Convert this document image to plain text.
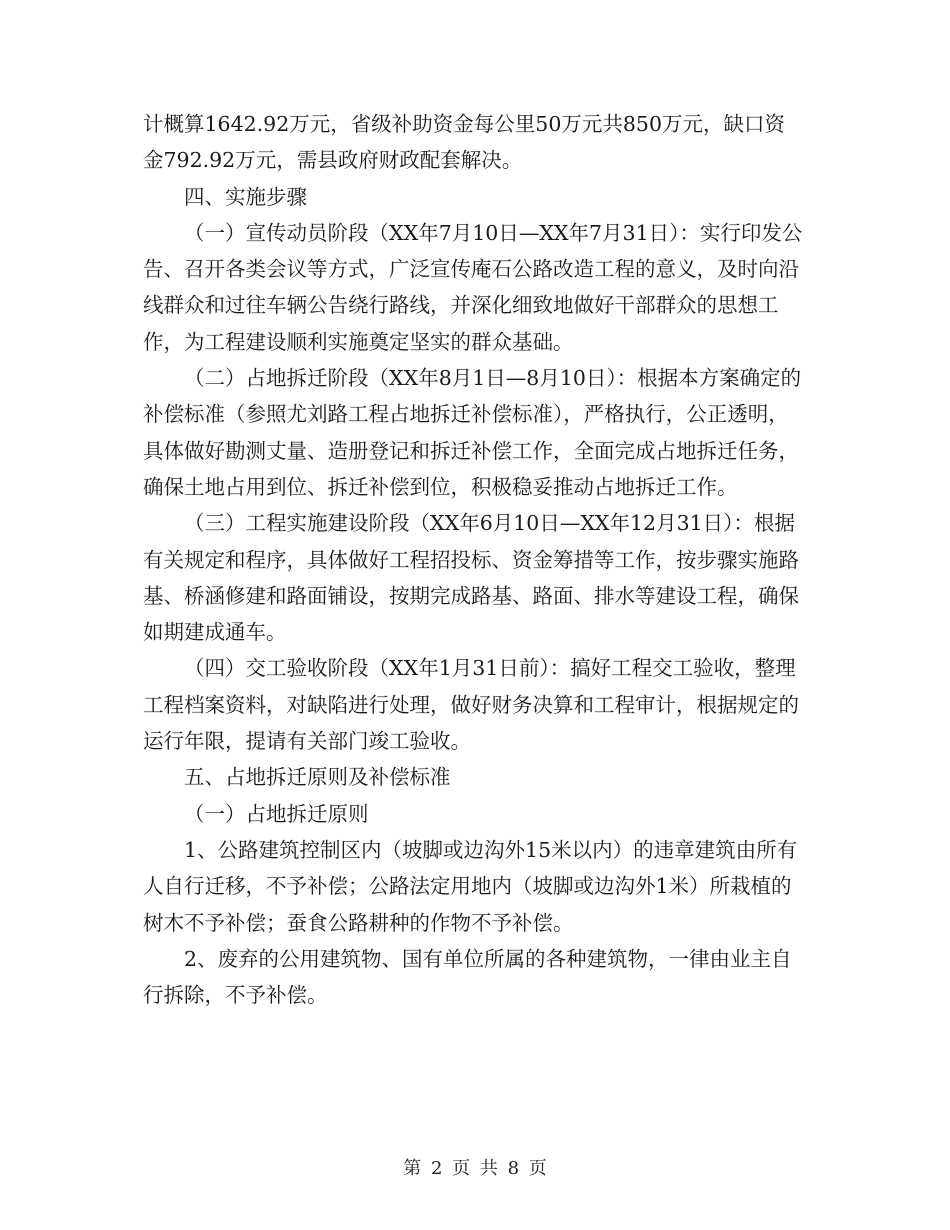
计概算1642.92万元，省级补助资金每公里50万元共850万元，缺口资金792.92万元，需县政府财政配套解决。

四、实施步骤

（一）宣传动员阶段（XX年7月10日—XX年7月31日）：实行印发公告、召开各类会议等方式，广泛宣传庵石公路改造工程的意义，及时向沿线群众和过往车辆公告绕行路线，并深化细致地做好干部群众的思想工作，为工程建设顺利实施奠定坚实的群众基础。

（二）占地拆迁阶段（XX年8月1日—8月10日）：根据本方案确定的补偿标准（参照尤刘路工程占地拆迁补偿标准），严格执行，公正透明，具体做好勘测丈量、造册登记和拆迁补偿工作，全面完成占地拆迁任务，确保土地占用到位、拆迁补偿到位，积极稳妥推动占地拆迁工作。

（三）工程实施建设阶段（XX年6月10日—XX年12月31日）：根据有关规定和程序，具体做好工程招投标、资金筹措等工作，按步骤实施路基、桥涵修建和路面铺设，按期完成路基、路面、排水等建设工程，确保如期建成通车。

（四）交工验收阶段（XX年1月31日前）：搞好工程交工验收，整理工程档案资料，对缺陷进行处理，做好财务决算和工程审计，根据规定的运行年限，提请有关部门竣工验收。

五、占地拆迁原则及补偿标准

（一）占地拆迁原则

1、公路建筑控制区内（坡脚或边沟外15米以内）的违章建筑由所有人自行迁移，不予补偿；公路法定用地内（坡脚或边沟外1米）所栽植的树木不予补偿；蚕食公路耕种的作物不予补偿。

2、废弃的公用建筑物、国有单位所属的各种建筑物，一律由业主自行拆除，不予补偿。

第 2 页 共 8 页
